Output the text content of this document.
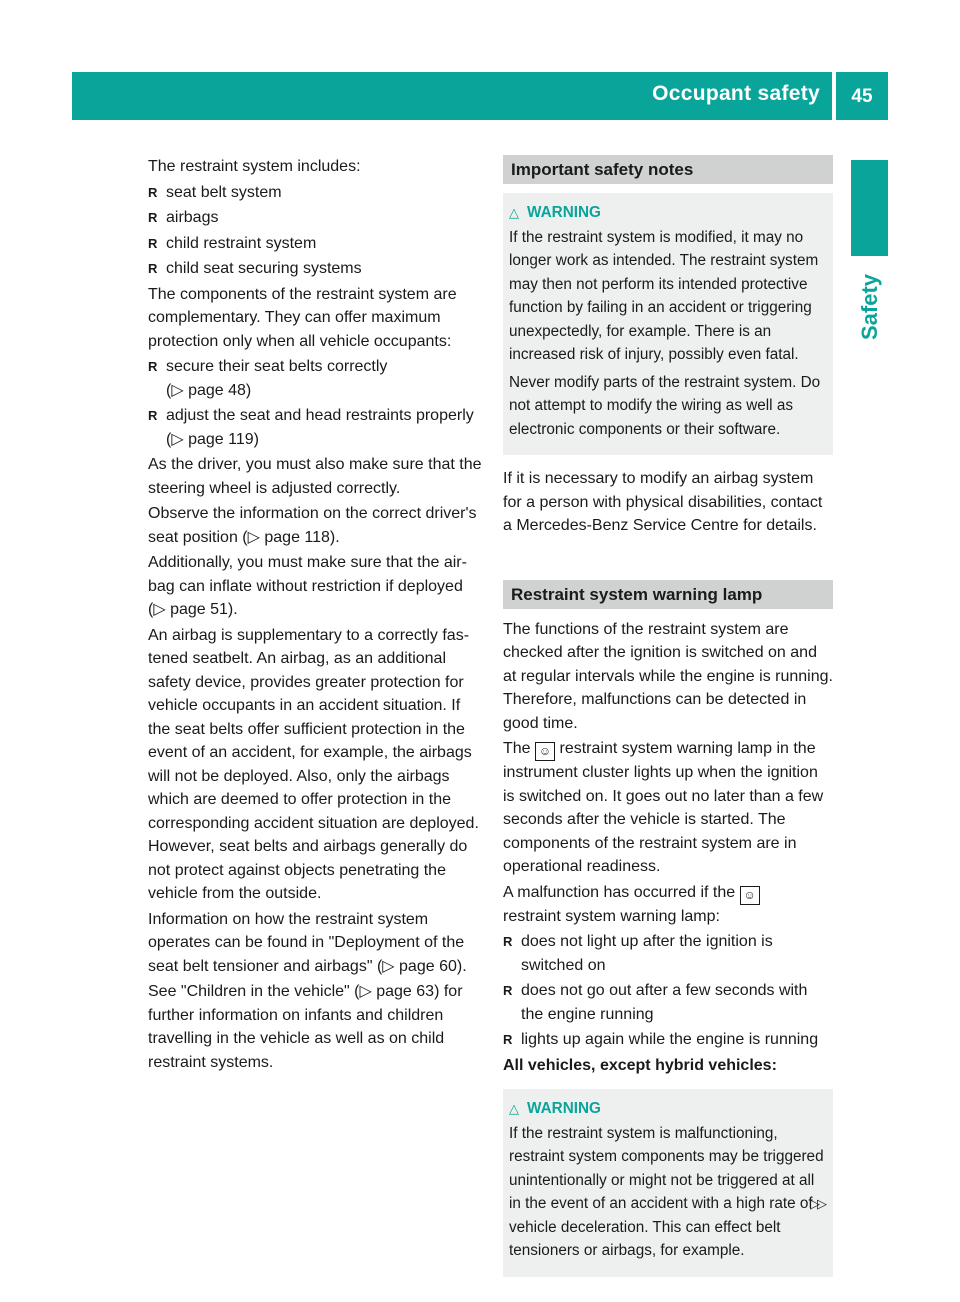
Occupant safety	45
Safety

The restraint system includes:

R seat belt system
R airbags
R child restraint system
R child seat securing systems

The components of the restraint system are complementary. They can offer maximum protection only when all vehicle occupants:

R secure their seat belts correctly
(▷ page 48)
R adjust the seat and head restraints properly (▷ page 119)

As the driver, you must also make sure that the steering wheel is adjusted correctly.

Observe the information on the correct driver's seat position (▷ page 118).

Additionally, you must make sure that the airbag can inflate without restriction if deployed (▷ page 51).

An airbag is supplementary to a correctly fastened seatbelt. An airbag, as an additional safety device, provides greater protection for vehicle occupants in an accident situation. If the seat belts offer sufficient protection in the event of an accident, for example, the airbags will not be deployed. Also, only the airbags which are deemed to offer protection in the corresponding accident situation are deployed. However, seat belts and airbags generally do not protect against objects penetrating the vehicle from the outside.

Information on how the restraint system operates can be found in "Deployment of the seat belt tensioner and airbags" (▷ page 60).

See "Children in the vehicle" (▷ page 63) for further information on infants and children travelling in the vehicle as well as on child restraint systems.

Important safety notes
△ WARNING

If the restraint system is modified, it may no longer work as intended. The restraint system may then not perform its intended protective function by failing in an accident or triggering unexpectedly, for example. There is an increased risk of injury, possibly even fatal.

Never modify parts of the restraint system. Do not attempt to modify the wiring as well as electronic components or their software.

If it is necessary to modify an airbag system for a person with physical disabilities, contact a Mercedes-Benz Service Centre for details.

Restraint system warning lamp

The functions of the restraint system are checked after the ignition is switched on and at regular intervals while the engine is running. Therefore, malfunctions can be detected in good time.

The ☺ restraint system warning lamp in the instrument cluster lights up when the ignition is switched on. It goes out no later than a few seconds after the vehicle is started. The components of the restraint system are in operational readiness.

A malfunction has occurred if the ☺
restraint system warning lamp:

R does not light up after the ignition is switched on
R does not go out after a few seconds with the engine running
R lights up again while the engine is running

All vehicles, except hybrid vehicles:

△ WARNING

If the restraint system is malfunctioning, restraint system components may be triggered unintentionally or might not be triggered at all in the event of an accident with a high rate of vehicle deceleration. This can effect belt tensioners or airbags, for example.

▷▷
